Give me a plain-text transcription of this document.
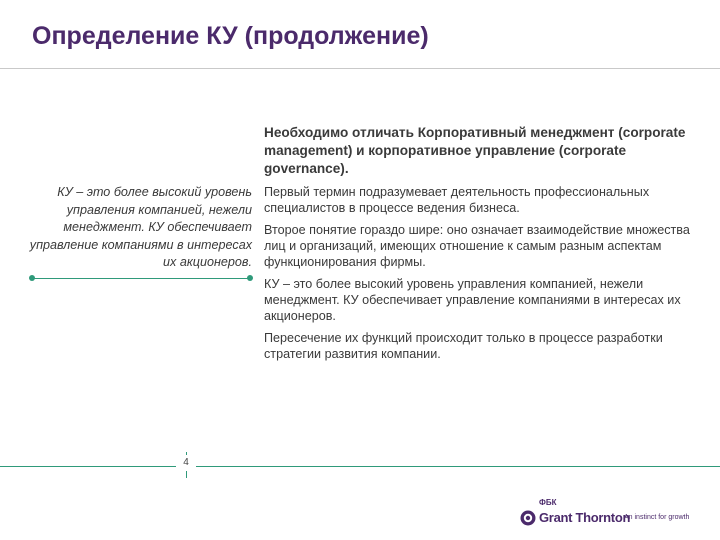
Определение КУ (продолжение)
Необходимо отличать Корпоративный менеджмент (corporate management) и корпоративное управление (corporate governance).
КУ – это более высокий уровень управления компанией, нежели менеджмент. КУ обеспечивает управление компаниями в интересах их акционеров.

Первый термин подразумевает деятельность профессиональных специалистов в процессе ведения бизнеса.

Второе понятие гораздо шире: оно означает взаимодействие множества лиц и организаций, имеющих отношение к самым разным аспектам функционирования фирмы.

КУ – это более высокий уровень управления компанией, нежели менеджмент. КУ обеспечивает управление компаниями в интересах их акционеров.

Пересечение их функций происходит только в процессе разработки стратегии развития компании.

4
ФБК
Grant Thornton
An instinct for growth
